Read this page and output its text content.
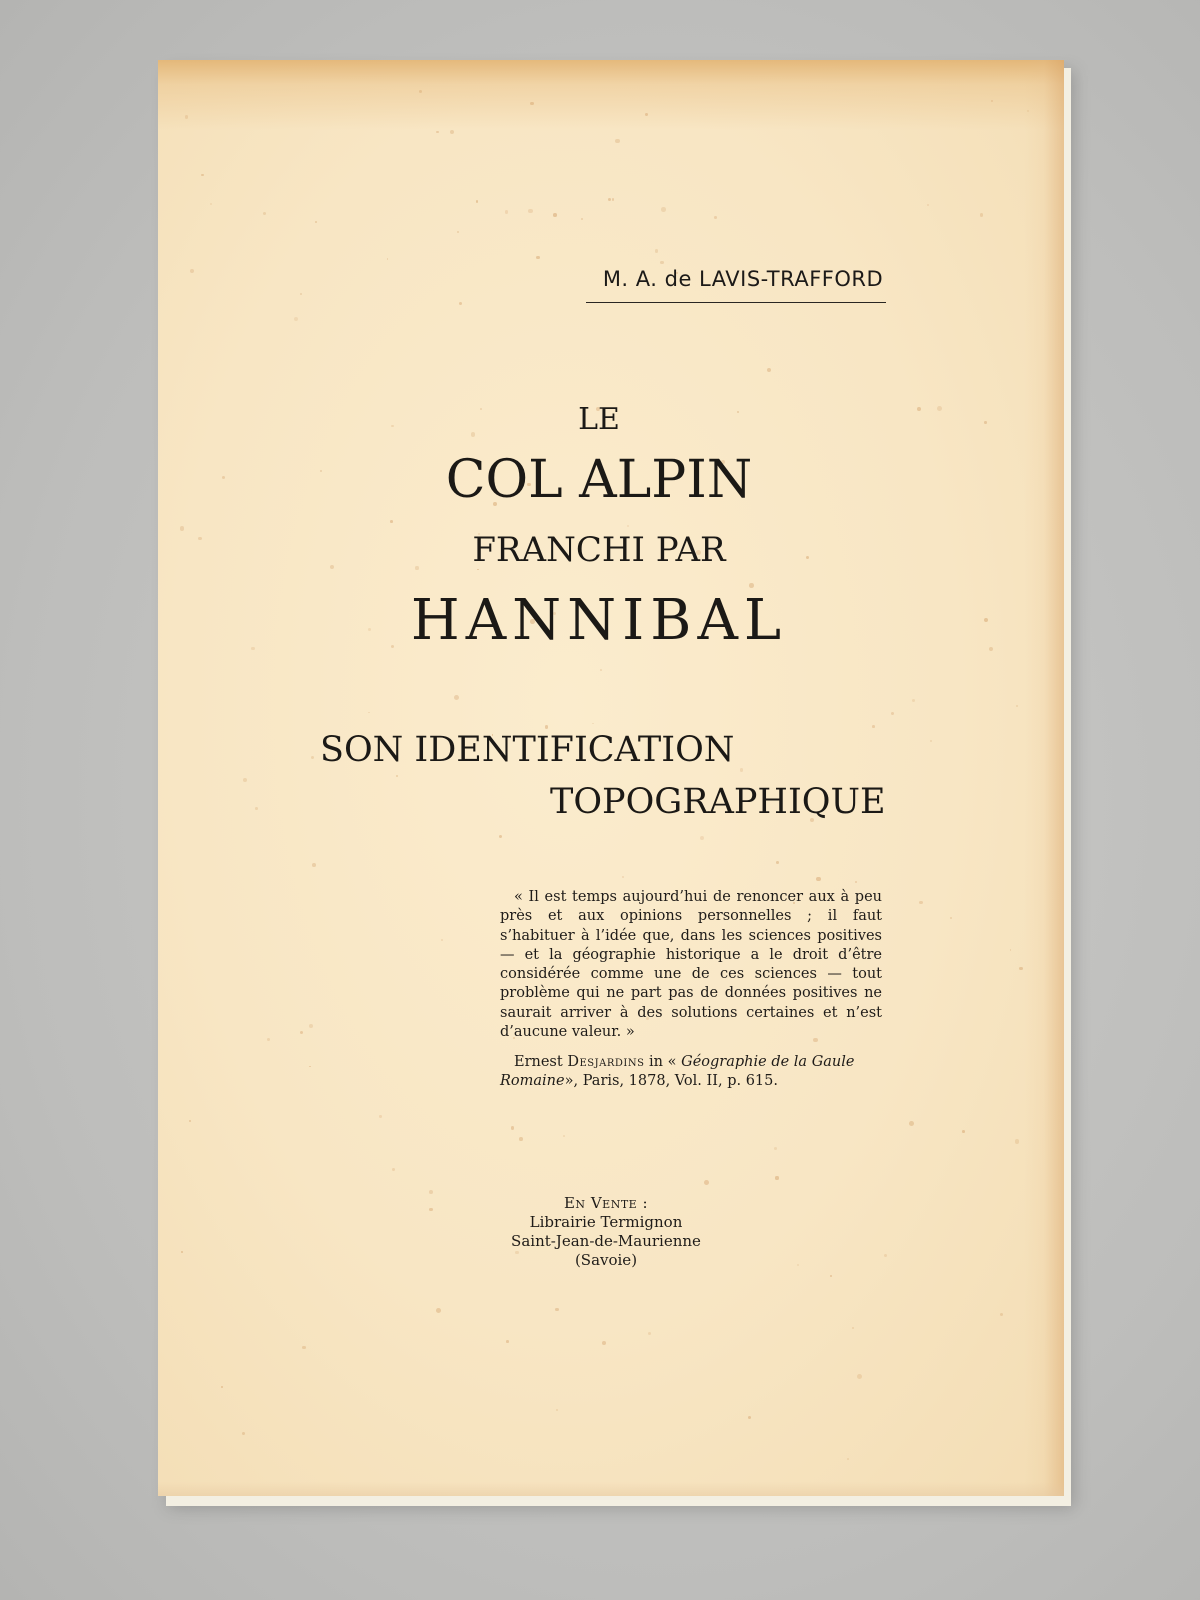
M. A. de LAVIS-TRAFFORD
LE
COL ALPIN
FRANCHI PAR
HANNIBAL
SON IDENTIFICATION
TOPOGRAPHIQUE

« Il est temps aujourd’hui de renoncer aux à peu près et aux opinions personnelles ; il faut s’habituer à l’idée que, dans les sciences positives — et la géographie historique a le droit d’être considérée comme une de ces sciences — tout problème qui ne part pas de données positives ne saurait arriver à des solutions certaines et n’est d’aucune valeur. »

Ernest Desjardins in « Géographie de la Gaule Romaine», Paris, 1878, Vol. II, p. 615.
En Vente :
Librairie Termignon
Saint-Jean-de-Maurienne
(Savoie)
